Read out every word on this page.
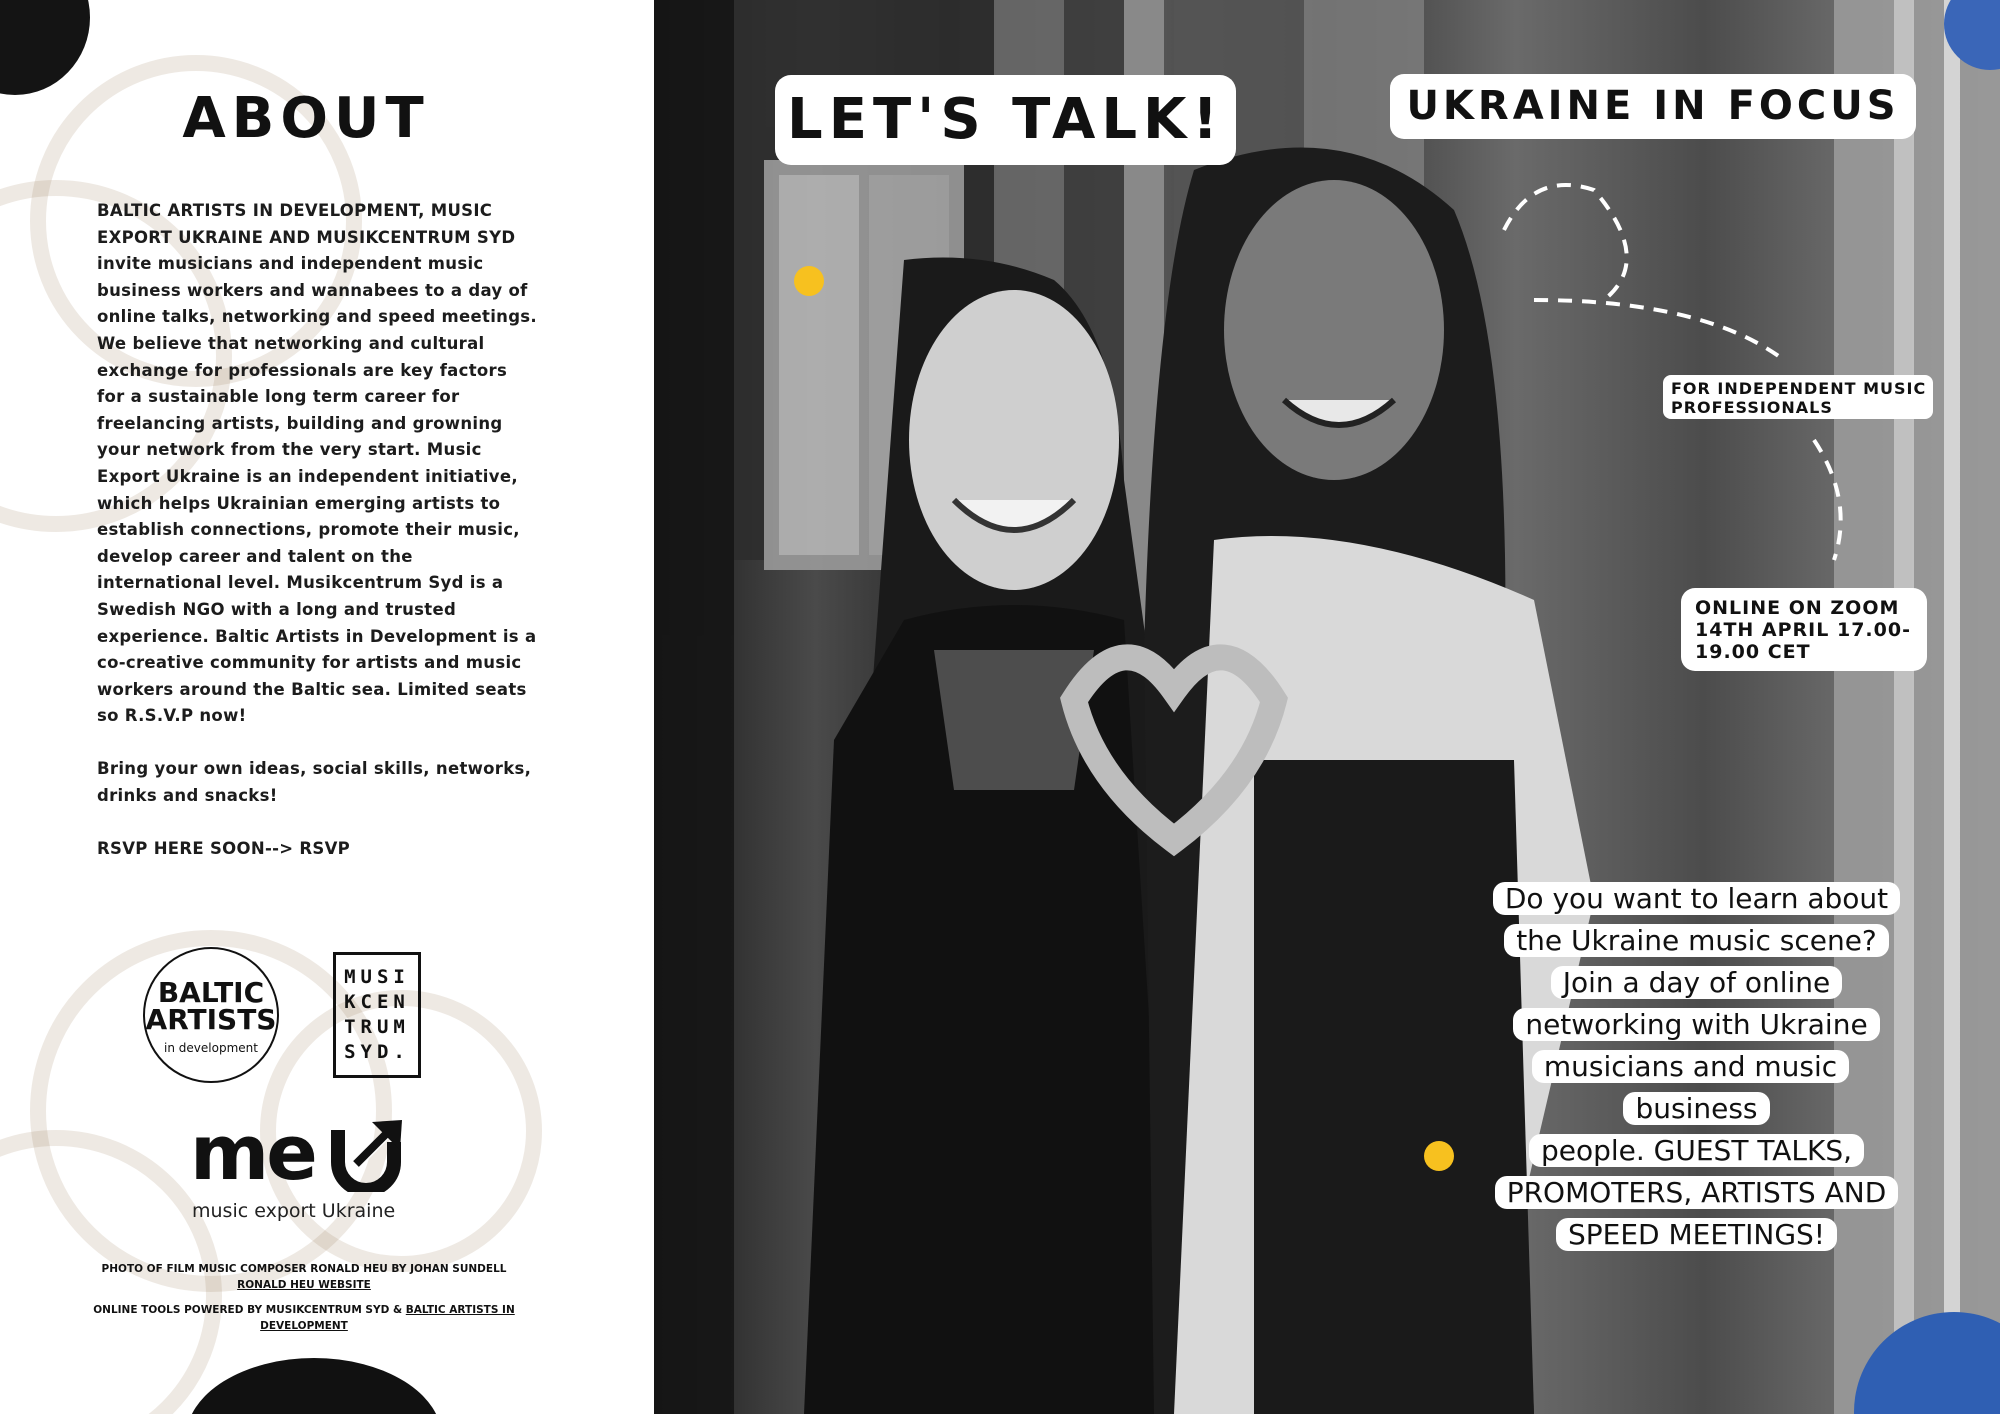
ABOUT

BALTIC ARTISTS IN DEVELOPMENT, MUSIC EXPORT UKRAINE AND MUSIKCENTRUM SYD invite musicians and independent music business workers and wannabees to a day of online talks, networking and speed meetings. We believe that networking and cultural exchange for professionals are key factors for a sustainable long term career for freelancing artists, building and growning your network from the very start. Music Export Ukraine is an independent initiative, which helps Ukrainian emerging artists to establish connections, promote their music, develop career and talent on the international level. Musikcentrum Syd is a Swedish NGO with a long and trusted experience. Baltic Artists in Development is a co-creative community for artists and music workers around the Baltic sea. Limited seats so R.S.V.P now!

Bring your own ideas, social skills, networks, drinks and snacks!

RSVP HERE SOON--> RSVP

BALTIC
ARTISTS
in development
MUSI
KCEN
TRUM
SYD.
me
music export Ukraine
PHOTO OF FILM MUSIC COMPOSER RONALD HEU BY JOHAN SUNDELL
RONALD HEU WEBSITE
ONLINE TOOLS POWERED BY MUSIKCENTRUM SYD & BALTIC ARTISTS IN DEVELOPMENT
LET'S TALK!	UKRAINE IN FOCUS
FOR INDEPENDENT MUSIC PROFESSIONALS
ONLINE ON ZOOM
14TH APRIL 17.00-
19.00 CET
Do you want to learn about
the Ukraine music scene?
Join a day of online
networking with Ukraine
musicians and music business
people. GUEST TALKS,
PROMOTERS, ARTISTS AND
SPEED MEETINGS!
